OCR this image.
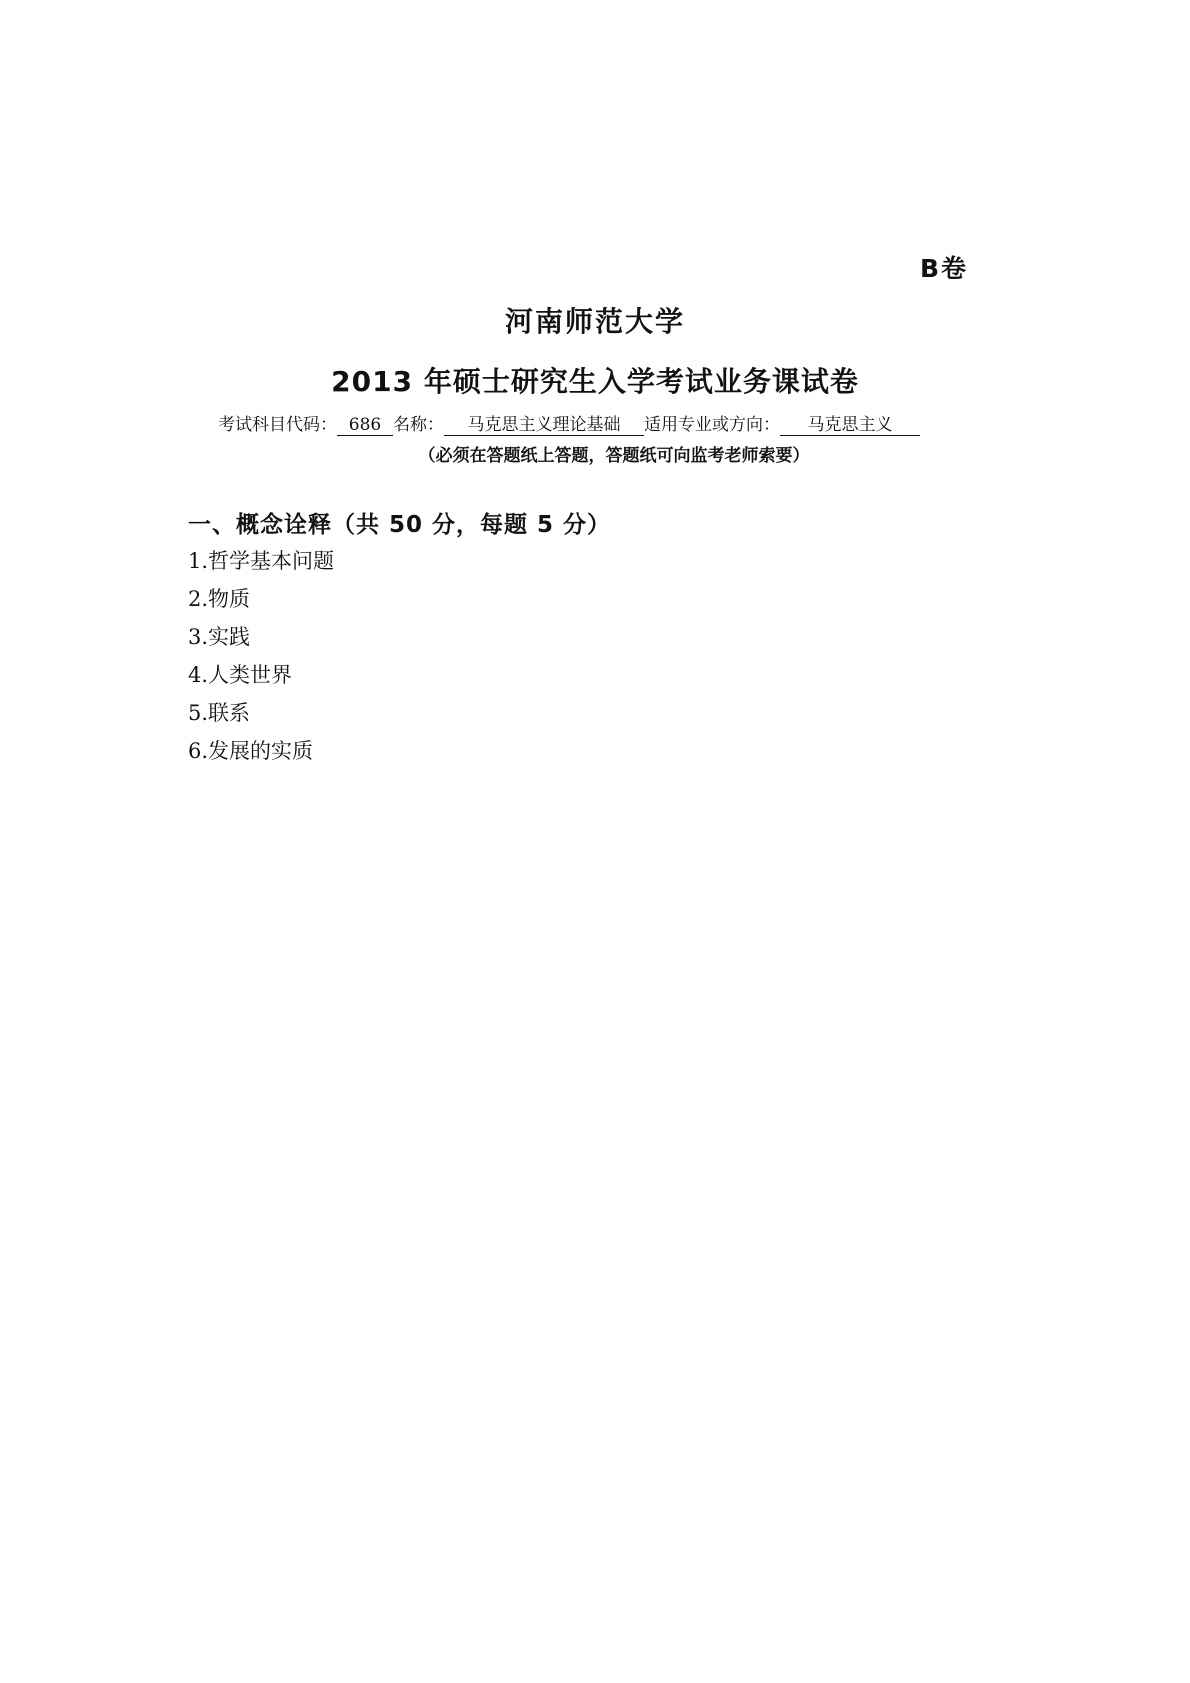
B卷
河南师范大学
2013 年硕士研究生入学考试业务课试卷
考试科目代码： 686 名称： 马克思主义理论基础 适用专业或方向： 马克思主义
（必须在答题纸上答题，答题纸可向监考老师索要）
一、概念诠释（共 50 分，每题 5 分）
1.哲学基本问题
2.物质
3.实践
4.人类世界
5.联系
6.发展的实质
